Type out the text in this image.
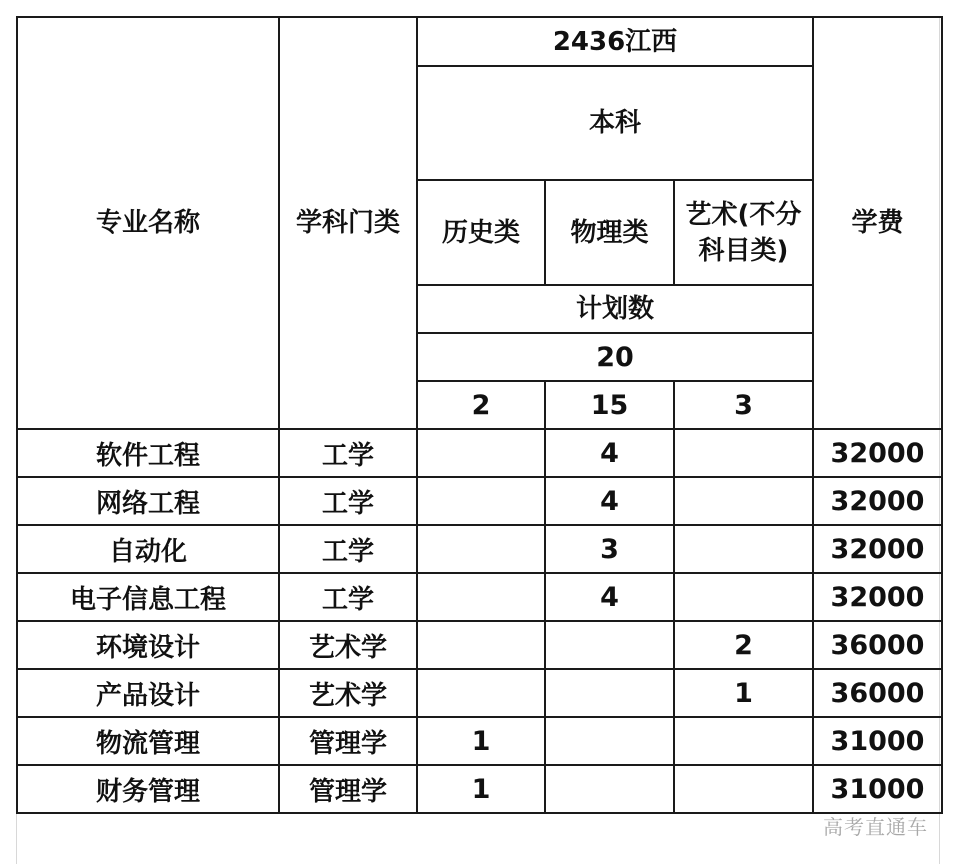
专业名称	学科门类	2436江西			学费
		本科			
		历史类	物理类	艺术(不分
科目类)	

		计划数			
		20			
		2	15	3	

软件工程	工学		4		32000
网络工程	工学		4		32000
自动化	工学		3		32000
电子信息工程	工学		4		32000
环境设计	艺术学			2	36000
产品设计	艺术学			1	36000
物流管理	管理学	1			31000
财务管理	管理学	1			31000
高考直通车
